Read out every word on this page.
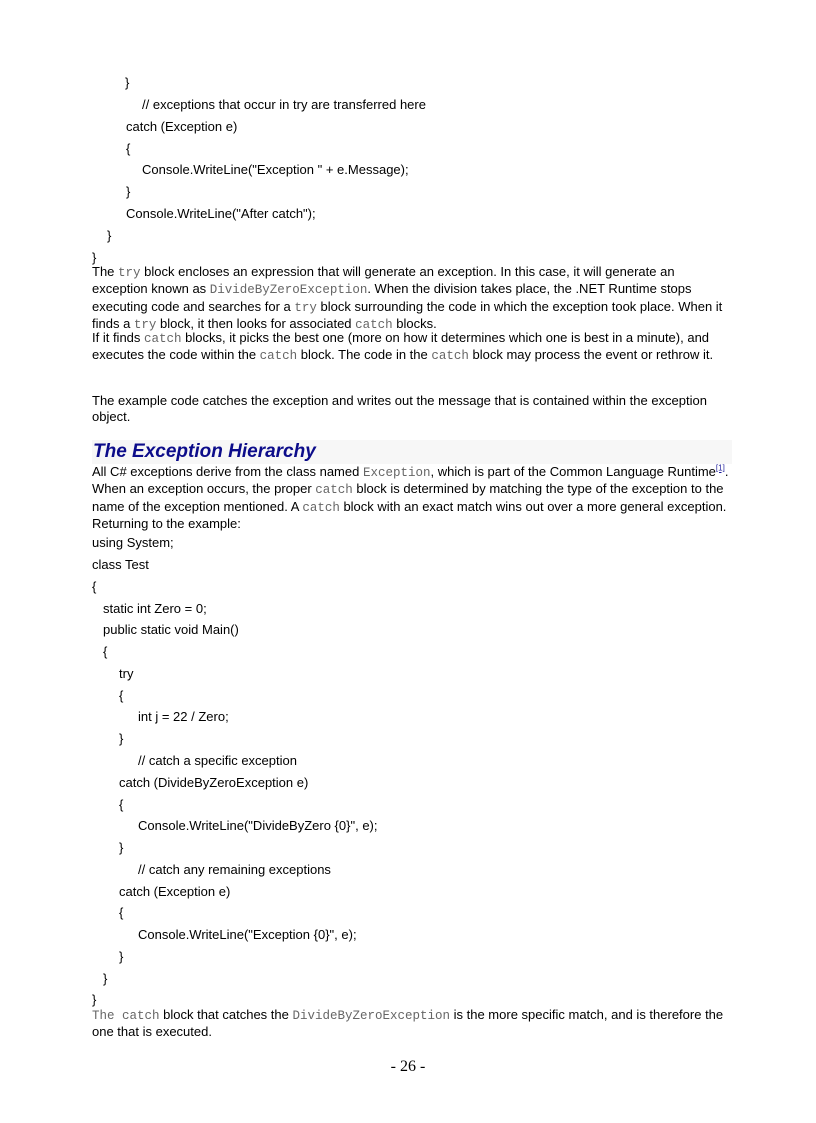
}
// exceptions that occur in try are transferred here
catch (Exception e)
{
Console.WriteLine("Exception " + e.Message);
}
Console.WriteLine("After catch");
}
}
The try block encloses an expression that will generate an exception. In this case, it will generate an exception known as DivideByZeroException. When the division takes place, the .NET Runtime stops executing code and searches for a try block surrounding the code in which the exception took place. When it finds a try block, it then looks for associated catch blocks.
If it finds catch blocks, it picks the best one (more on how it determines which one is best in a minute), and executes the code within the catch block. The code in the catch block may process the event or rethrow it.
The example code catches the exception and writes out the message that is contained within the exception object.
The Exception Hierarchy
All C# exceptions derive from the class named Exception, which is part of the Common Language Runtime[1]. When an exception occurs, the proper catch block is determined by matching the type of the exception to the name of the exception mentioned. A catch block with an exact match wins out over a more general exception. Returning to the example:
using System;
class Test
{
static int Zero = 0;
public static void Main()
{
try
{
int j = 22 / Zero;
}
// catch a specific exception
catch (DivideByZeroException e)
{
Console.WriteLine("DivideByZero {0}", e);
}
// catch any remaining exceptions
catch (Exception e)
{
Console.WriteLine("Exception {0}", e);
}
}
}
The catch block that catches the DivideByZeroException is the more specific match, and is therefore the one that is executed.
- 26 -
